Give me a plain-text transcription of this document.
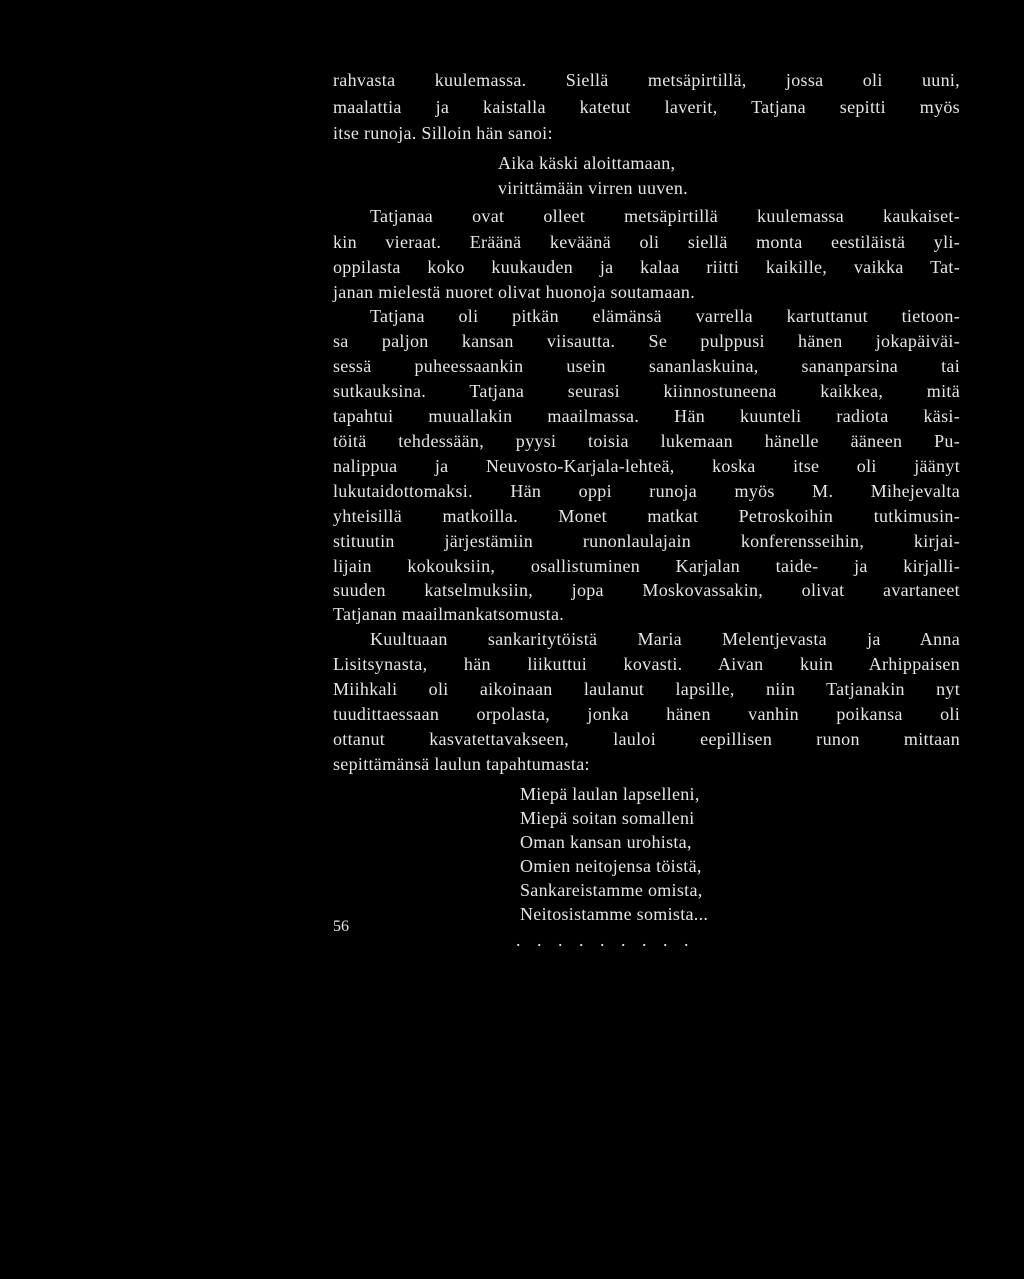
rahvasta kuulemassa. Siellä metsäpirtillä, jossa oli uuni,
maalattia ja kaistalla katetut laverit, Tatjana sepitti myös
itse runoja. Silloin hän sanoi:
Aika käski aloittamaan,
virittämään virren uuven.
Tatjanaa ovat olleet metsäpirtillä kuulemassa kaukaiset-
kin vieraat. Eräänä keväänä oli siellä monta eestiläistä yli-
oppilasta koko kuukauden ja kalaa riitti kaikille, vaikka Tat-
janan mielestä nuoret olivat huonoja soutamaan.
Tatjana oli pitkän elämänsä varrella kartuttanut tietoon-
sa paljon kansan viisautta. Se pulppusi hänen jokapäiväi-
sessä puheessaankin usein sananlaskuina, sananparsina tai
sutkauksina. Tatjana seurasi kiinnostuneena kaikkea, mitä
tapahtui muuallakin maailmassa. Hän kuunteli radiota käsi-
töitä tehdessään, pyysi toisia lukemaan hänelle ääneen Pu-
nalippua ja Neuvosto-Karjala-lehteä, koska itse oli jäänyt
lukutaidottomaksi. Hän oppi runoja myös M. Mihejevalta
yhteisillä matkoilla. Monet matkat Petroskoihin tutkimusin-
stituutin järjestämiin runonlaulajain konferensseihin, kirjai-
lijain kokouksiin, osallistuminen Karjalan taide- ja kirjalli-
suuden katselmuksiin, jopa Moskovassakin, olivat avartaneet
Tatjanan maailmankatsomusta.
Kuultuaan sankaritytöistä Maria Melentjevasta ja Anna
Lisitsynasta, hän liikuttui kovasti. Aivan kuin Arhippaisen
Miihkali oli aikoinaan laulanut lapsille, niin Tatjanakin nyt
tuudittaessaan orpolasta, jonka hänen vanhin poikansa oli
ottanut kasvatettavakseen, lauloi eepillisen runon mittaan
sepittämänsä laulun tapahtumasta:
Miepä laulan lapselleni,
Miepä soitan somalleni
Oman kansan urohista,
Omien neitojensa töistä,
Sankareistamme omista,
Neitosistamme somista...
. . . . . . . . .
56
